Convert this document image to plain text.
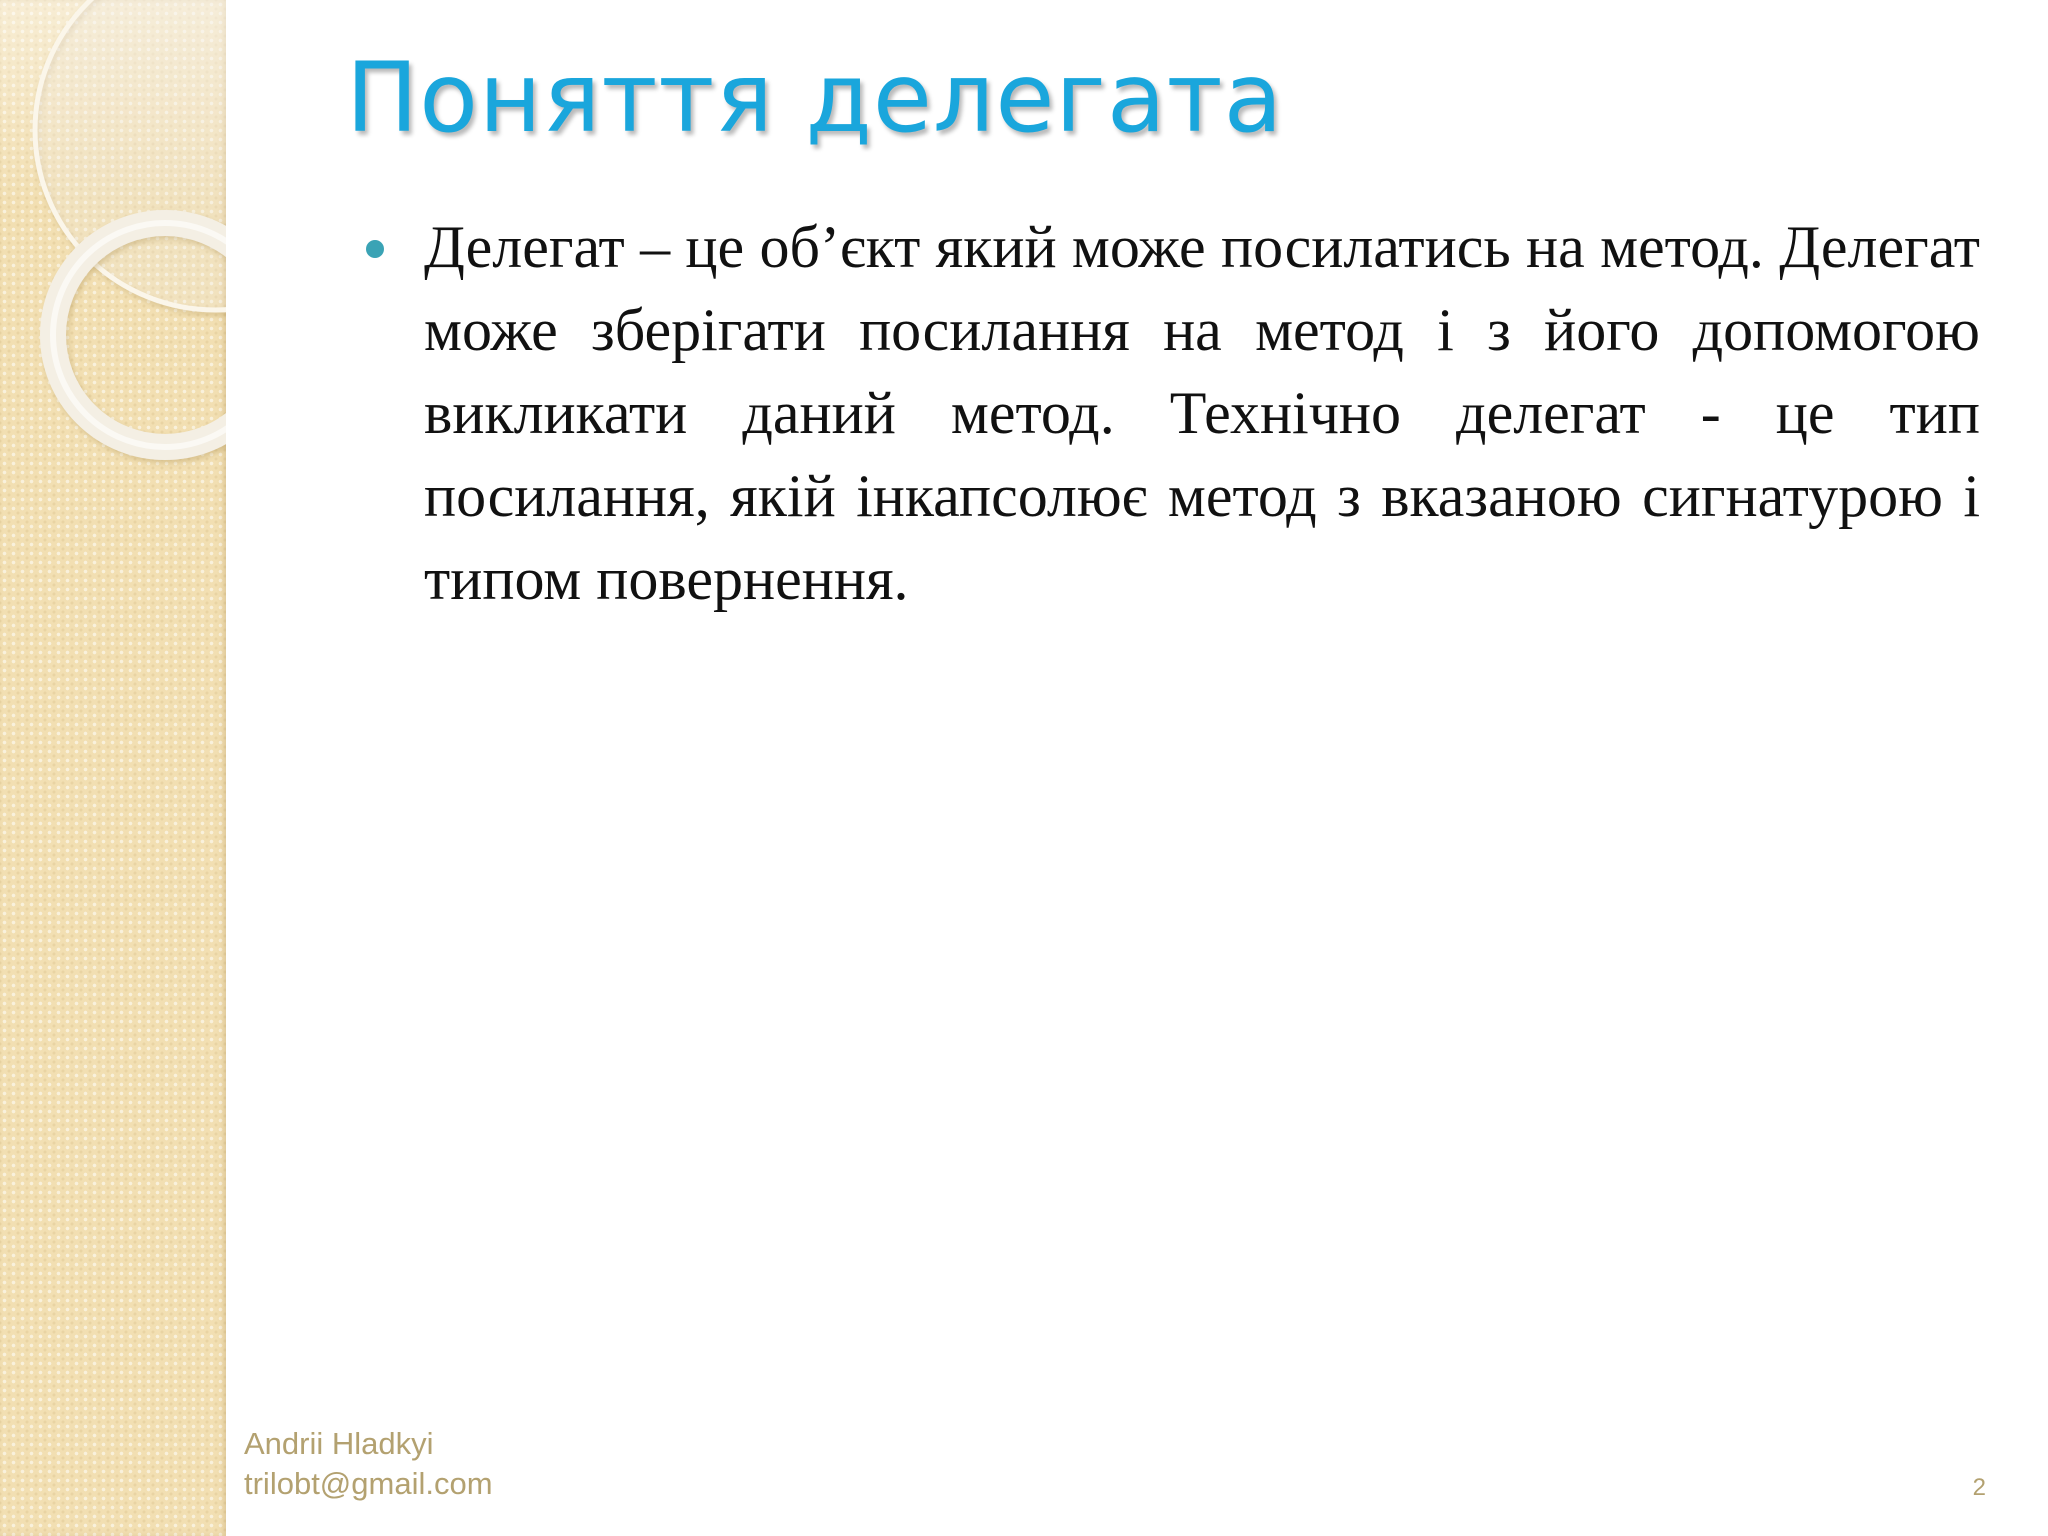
Поняття делегата

Делегат – це об’єкт який може посилатись на метод. Делегат може зберігати посилання на метод і з його допомогою викликати даний метод. Технічно делегат - це тип посилання, якій інкапсолює метод з вказаною сигнатурою і типом повернення.

Andrii Hladkyi
trilobt@gmail.com	2
